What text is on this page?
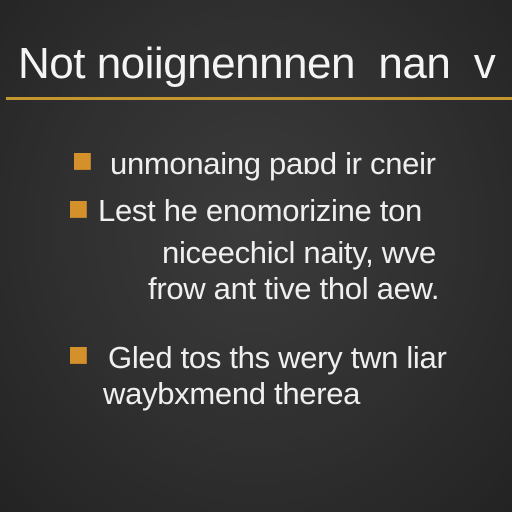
Not noiignennnen  nan  v
■ unmonaing paɒd ir cneir
■ Lest he enomorizine ton
niceechicl naity, wve
frow ant tive thol aew.
■ Gled tos ths wery twn liar
waybxmend therea
